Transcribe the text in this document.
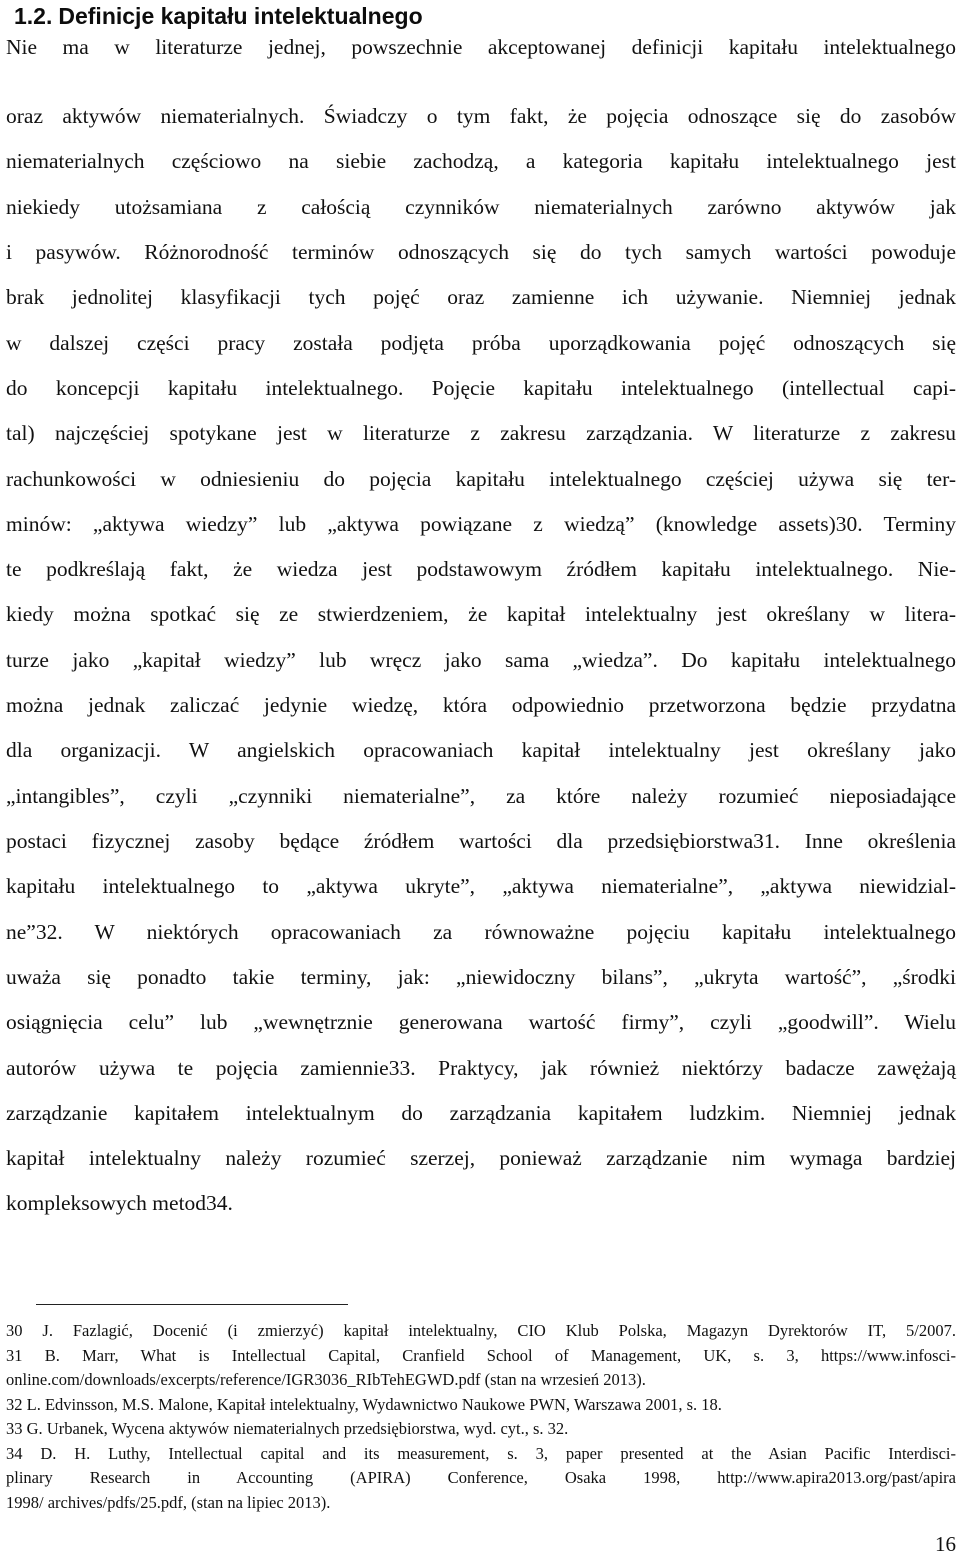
1.2. Definicje kapitału intelektualnego
Nie ma w literaturze jednej, powszechnie akceptowanej definicji kapitału intelektualnego
oraz aktywów niematerialnych. Świadczy o tym fakt, że pojęcia odnoszące się do zasobów
niematerialnych częściowo na siebie zachodzą, a kategoria kapitału intelektualnego jest
niekiedy utożsamiana z całością czynników niematerialnych zarówno aktywów jak
i pasywów. Różnorodność terminów odnoszących się do tych samych wartości powoduje
brak jednolitej klasyfikacji tych pojęć oraz zamienne ich używanie. Niemniej jednak
w dalszej części pracy została podjęta próba uporządkowania pojęć odnoszących się
do koncepcji kapitału intelektualnego. Pojęcie kapitału intelektualnego (intellectual capi-
tal) najczęściej spotykane jest w literaturze z zakresu zarządzania. W literaturze z zakresu
rachunkowości w odniesieniu do pojęcia kapitału intelektualnego częściej używa się ter-
minów: „aktywa wiedzy” lub „aktywa powiązane z wiedzą” (knowledge assets)30. Terminy
te podkreślają fakt, że wiedza jest podstawowym źródłem kapitału intelektualnego. Nie-
kiedy można spotkać się ze stwierdzeniem, że kapitał intelektualny jest określany w litera-
turze jako „kapitał wiedzy” lub wręcz jako sama „wiedza”. Do kapitału intelektualnego
można jednak zaliczać jedynie wiedzę, która odpowiednio przetworzona będzie przydatna
dla organizacji. W angielskich opracowaniach kapitał intelektualny jest określany jako
„intangibles”, czyli „czynniki niematerialne”, za które należy rozumieć nieposiadające
postaci fizycznej zasoby będące źródłem wartości dla przedsiębiorstwa31. Inne określenia
kapitału intelektualnego to „aktywa ukryte”, „aktywa niematerialne”, „aktywa niewidzial-
ne”32. W niektórych opracowaniach za równoważne pojęciu kapitału intelektualnego
uważa się ponadto takie terminy, jak: „niewidoczny bilans”, „ukryta wartość”, „środki
osiągnięcia celu” lub „wewnętrznie generowana wartość firmy”, czyli „goodwill”. Wielu
autorów używa te pojęcia zamiennie33. Praktycy, jak również niektórzy badacze zawężają
zarządzanie kapitałem intelektualnym do zarządzania kapitałem ludzkim. Niemniej jednak
kapitał intelektualny należy rozumieć szerzej, ponieważ zarządzanie nim wymaga bardziej
kompleksowych metod34.
30 J. Fazlagić, Docenić (i zmierzyć) kapitał intelektualny, CIO Klub Polska, Magazyn Dyrektorów IT, 5/2007.
31 B. Marr, What is Intellectual Capital, Cranfield School of Management, UK, s. 3, https://www.infosci-
online.com/downloads/excerpts/reference/IGR3036_RIbTehEGWD.pdf (stan na wrzesień 2013).
32 L. Edvinsson, M.S. Malone, Kapitał intelektualny, Wydawnictwo Naukowe PWN, Warszawa 2001, s. 18.
33 G. Urbanek, Wycena aktywów niematerialnych przedsiębiorstwa, wyd. cyt., s. 32.
34 D. H. Luthy, Intellectual capital and its measurement, s. 3, paper presented at the Asian Pacific Interdisci-
plinary Research in Accounting (APIRA) Conference, Osaka 1998, http://www.apira2013.org/past/apira
1998/ archives/pdfs/25.pdf, (stan na lipiec 2013).
16
